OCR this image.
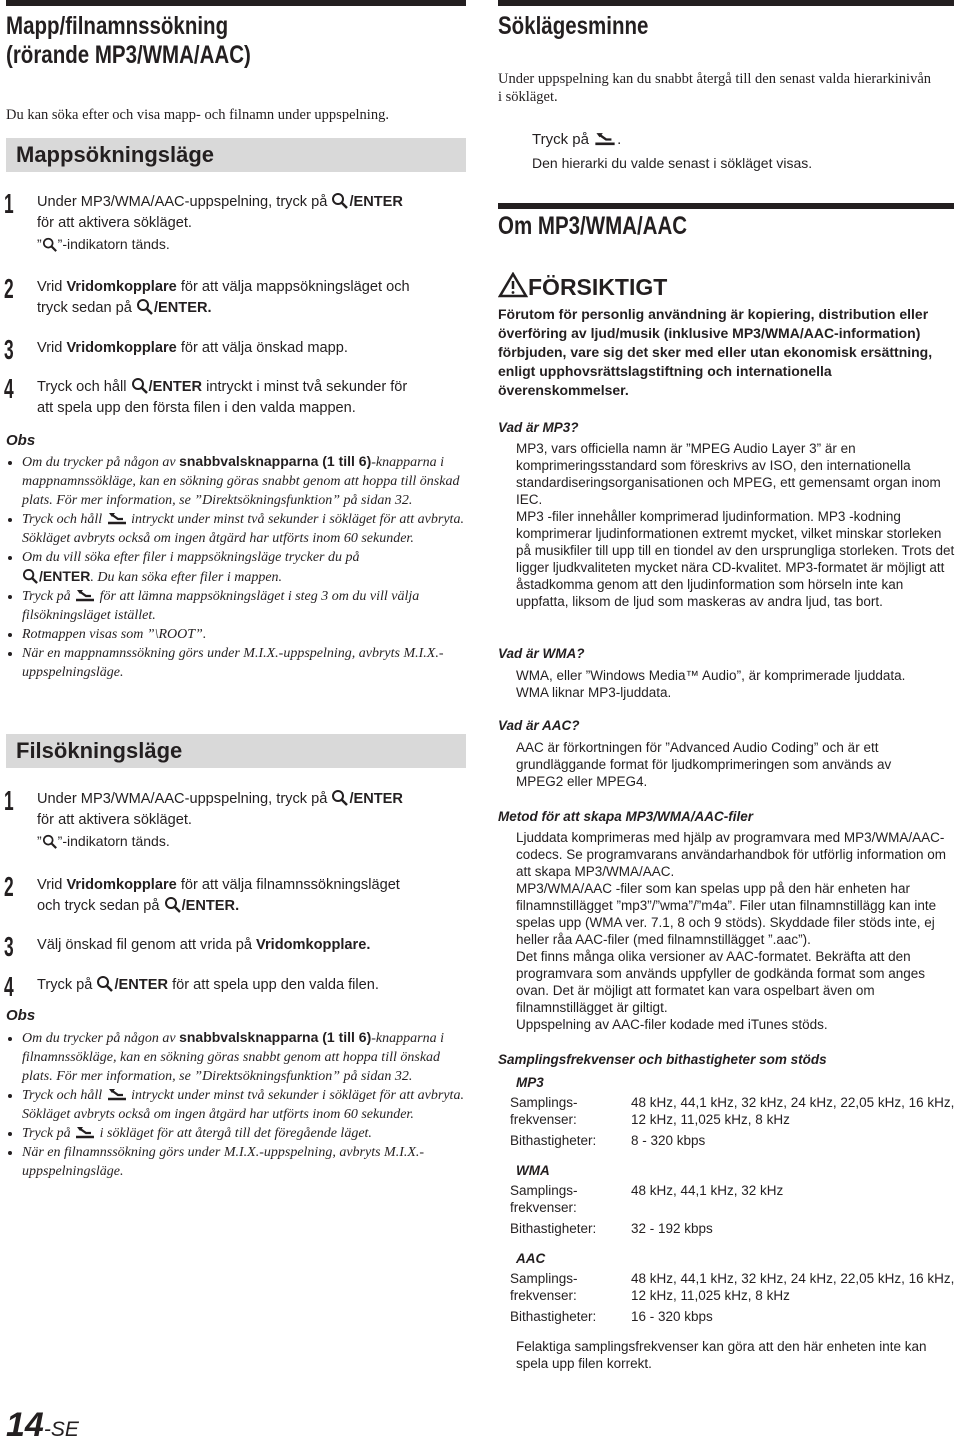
Mapp/filnamnssökning
(rörande MP3/WMA/AAC)
Du kan söka efter och visa mapp- och filnamn under uppspelning.
Mappsökningsläge
1 Under MP3/WMA/AAC-uppspelning, tryck på /ENTER
för att aktivera sökläget.
” ”-indikatorn tänds.
2 Vrid Vridomkopplare för att välja mappsökningsläget och
tryck sedan på /ENTER.
3 Vrid Vridomkopplare för att välja önskad mapp.
4 Tryck och håll /ENTER intryckt i minst två sekunder för
att spela upp den första filen i den valda mappen.
Obs
• Om du trycker på någon av snabbvalsknapparna (1 till 6)-knapparna i mappnamnssökläge, kan en sökning göras snabbt genom att hoppa till önskad plats. För mer information, se ”Direktsökningsfunktion” på sidan 32.
• Tryck och håll intryckt under minst två sekunder i sökläget för att avbryta. Sökläget avbryts också om ingen åtgärd har utförts inom 60 sekunder.
• Om du vill söka efter filer i mappsökningsläge trycker du på
/ENTER. Du kan söka efter filer i mappen.
• Tryck på för att lämna mappsökningsläget i steg 3 om du vill välja filsökningsläget istället.
• Rotmappen visas som ”\ROOT”.
• När en mappnamnssökning görs under M.I.X.-uppspelning, avbryts M.I.X.-uppspelningsläge.
Filsökningsläge
1 Under MP3/WMA/AAC-uppspelning, tryck på /ENTER
för att aktivera sökläget.
” ”-indikatorn tänds.
2 Vrid Vridomkopplare för att välja filnamnssökningsläget
och tryck sedan på /ENTER.
3 Välj önskad fil genom att vrida på Vridomkopplare.
4 Tryck på /ENTER för att spela upp den valda filen.
Obs
• Om du trycker på någon av snabbvalsknapparna (1 till 6)-knapparna i filnamnssökläge, kan en sökning göras snabbt genom att hoppa till önskad plats. För mer information, se ”Direktsökningsfunktion” på sidan 32.
• Tryck och håll intryckt under minst två sekunder i sökläget för att avbryta. Sökläget avbryts också om ingen åtgärd har utförts inom 60 sekunder.
• Tryck på i sökläget för att återgå till det föregående läget.
• När en filnamnssökning görs under M.I.X.-uppspelning, avbryts M.I.X.-uppspelningsläge.
14-SE
Söklägesminne
Under uppspelning kan du snabbt återgå till den senast valda hierarkinivån i sökläget.
Tryck på .
Den hierarki du valde senast i sökläget visas.
Om MP3/WMA/AAC
FÖRSIKTIGT
Förutom för personlig användning är kopiering, distribution eller överföring av ljud/musik (inklusive MP3/WMA/AAC-information) förbjuden, vare sig det sker med eller utan ekonomisk ersättning, enligt upphovsrättslagstiftning och internationella överenskommelser.
Vad är MP3?
MP3, vars officiella namn är ”MPEG Audio Layer 3” är en komprimeringsstandard som föreskrivs av ISO, den internationella standardiseringsorganisationen och MPEG, ett gemensamt organ inom IEC.
MP3 -filer innehåller komprimerad ljudinformation. MP3 -kodning komprimerar ljudinformationen extremt mycket, vilket minskar storleken på musikfiler till upp till en tiondel av den ursprungliga storleken. Trots det ligger ljudkvaliteten mycket nära CD-kvalitet. MP3-formatet är möjligt att åstadkomma genom att den ljudinformation som hörseln inte kan uppfatta, liksom de ljud som maskeras av andra ljud, tas bort.
Vad är WMA?
WMA, eller ”Windows Media™ Audio”, är komprimerade ljuddata. WMA liknar MP3-ljuddata.
Vad är AAC?
AAC är förkortningen för ”Advanced Audio Coding” och är ett grundläggande format för ljudkomprimeringen som används av MPEG2 eller MPEG4.
Metod för att skapa MP3/WMA/AAC-filer
Ljuddata komprimeras med hjälp av programvara med MP3/WMA/AAC-codecs. Se programvarans användarhandbok för utförlig information om att skapa MP3/WMA/AAC.
MP3/WMA/AAC -filer som kan spelas upp på den här enheten har filnamnstillägget ”mp3”/”wma”/”m4a”. Filer utan filnamnstillägg kan inte spelas upp (WMA ver. 7.1, 8 och 9 stöds). Skyddade filer stöds inte, ej heller råa AAC-filer (med filnamnstillägget ”.aac”).
Det finns många olika versioner av AAC-formatet. Bekräfta att den programvara som används uppfyller de godkända format som anges ovan. Det är möjligt att formatet kan vara ospelbart även om filnamnstillägget är giltigt.
Uppspelning av AAC-filer kodade med iTunes stöds.
Samplingsfrekvenser och bithastigheter som stöds
MP3
Samplings-frekvenser:
48 kHz, 44,1 kHz, 32 kHz, 24 kHz, 22,05 kHz, 16 kHz, 12 kHz, 11,025 kHz, 8 kHz
Bithastigheter:	8 - 320 kbps
WMA
Samplings-frekvenser:
48 kHz, 44,1 kHz, 32 kHz
Bithastigheter:	32 - 192 kbps
AAC
Samplings-frekvenser:
48 kHz, 44,1 kHz, 32 kHz, 24 kHz, 22,05 kHz, 16 kHz, 12 kHz, 11,025 kHz, 8 kHz
Bithastigheter:	16 - 320 kbps
Felaktiga samplingsfrekvenser kan göra att den här enheten inte kan spela upp filen korrekt.
